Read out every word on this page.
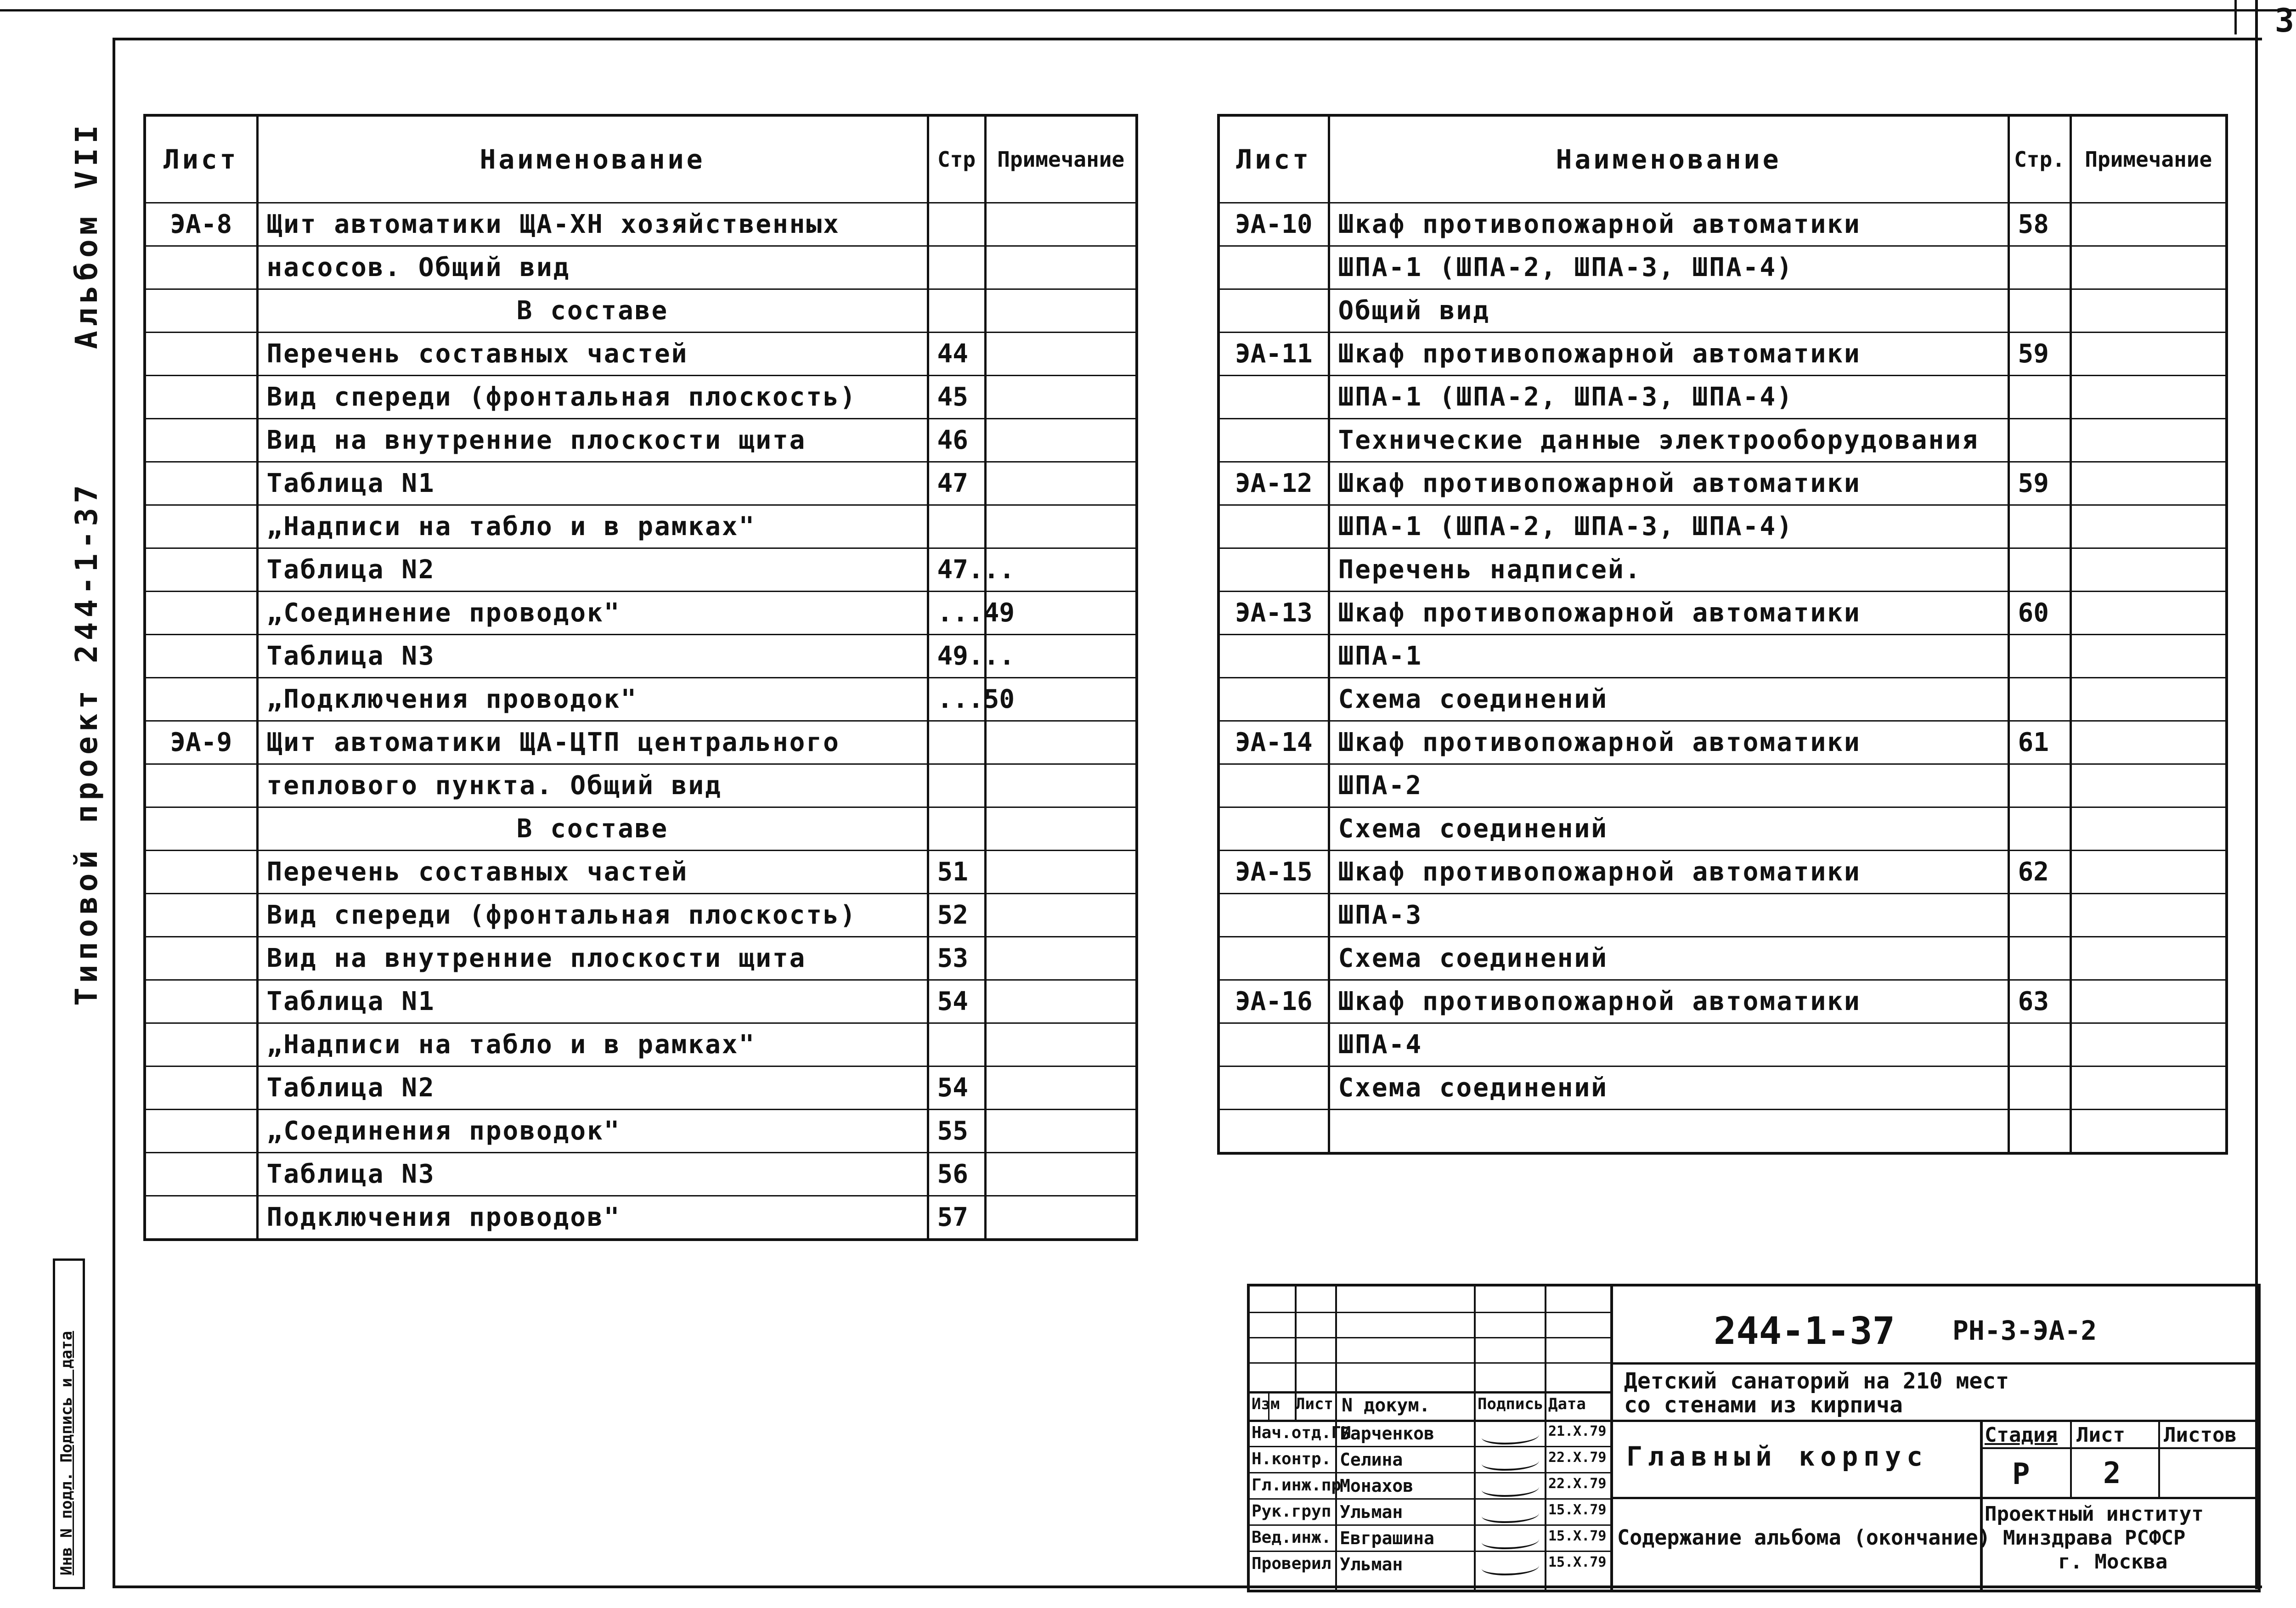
3
Альбом VII
Типовой проект 244-1-37
Инв N подл. Подпись и дата
Лист	Наименование	Стр	Примечание
ЭА-8	Щит автоматики ЩА-ХН хозяйственных		
	насосов. Общий вид		
	В составе		
	Перечень составных частей	44	
	Вид спереди (фронтальная плоскость)	45	
	Вид на внутренние плоскости щита	46	
	Таблица N1	47	
	„Надписи на табло и в рамках"		
	Таблица N2	47...	
	„Соединение проводок"	...49	
	Таблица N3	49...	
	„Подключения проводок"	...50	
ЭА-9	Щит автоматики ЩА-ЦТП центрального		
	теплового пункта. Общий вид		
	В составе		
	Перечень составных частей	51	
	Вид спереди (фронтальная плоскость)	52	
	Вид на внутренние плоскости щита	53	
	Таблица N1	54	
	„Надписи на табло и в рамках"		
	Таблица N2	54	
	„Соединения проводок"	55	
	Таблица N3	56	
	Подключения проводов"	57	
Лист	Наименование	Стр.	Примечание
ЭА-10	Шкаф противопожарной автоматики	58	
	ШПА-1 (ШПА-2, ШПА-3, ШПА-4)		
	Общий вид		
ЭА-11	Шкаф противопожарной автоматики	59	
	ШПА-1 (ШПА-2, ШПА-3, ШПА-4)		
	Технические данные электрооборудования		
ЭА-12	Шкаф противопожарной автоматики	59	
	ШПА-1 (ШПА-2, ШПА-3, ШПА-4)		
	Перечень надписей.		
ЭА-13	Шкаф противопожарной автоматики	60	
	ШПА-1		
	Схема соединений		
ЭА-14	Шкаф противопожарной автоматики	61	
	ШПА-2		
	Схема соединений		
ЭА-15	Шкаф противопожарной автоматики	62	
	ШПА-3		
	Схема соединений		
ЭА-16	Шкаф противопожарной автоматики	63	
	ШПА-4		
	Схема соединений		

Изм Лист N докум.	Подпись Дата
Нач.отд.ГИ
Барченков	21.Х.79
Н.контр. Селина	22.Х.79
Гл.инж.пр
Монахов	22.Х.79
Рук.груп Ульман	15.Х.79
Вед.инж. Евграшина	15.Х.79
Проверил Ульман	15.Х.79
244-1-37 РН-3-ЭА-2
Детский санаторий на 210 мест
со стенами из кирпича
Главный корпус
Содержание альбома (окончание)
Стадия Лист Листов
Р 2
Проектный институт
Минздрава РСФСР
г. Москва
